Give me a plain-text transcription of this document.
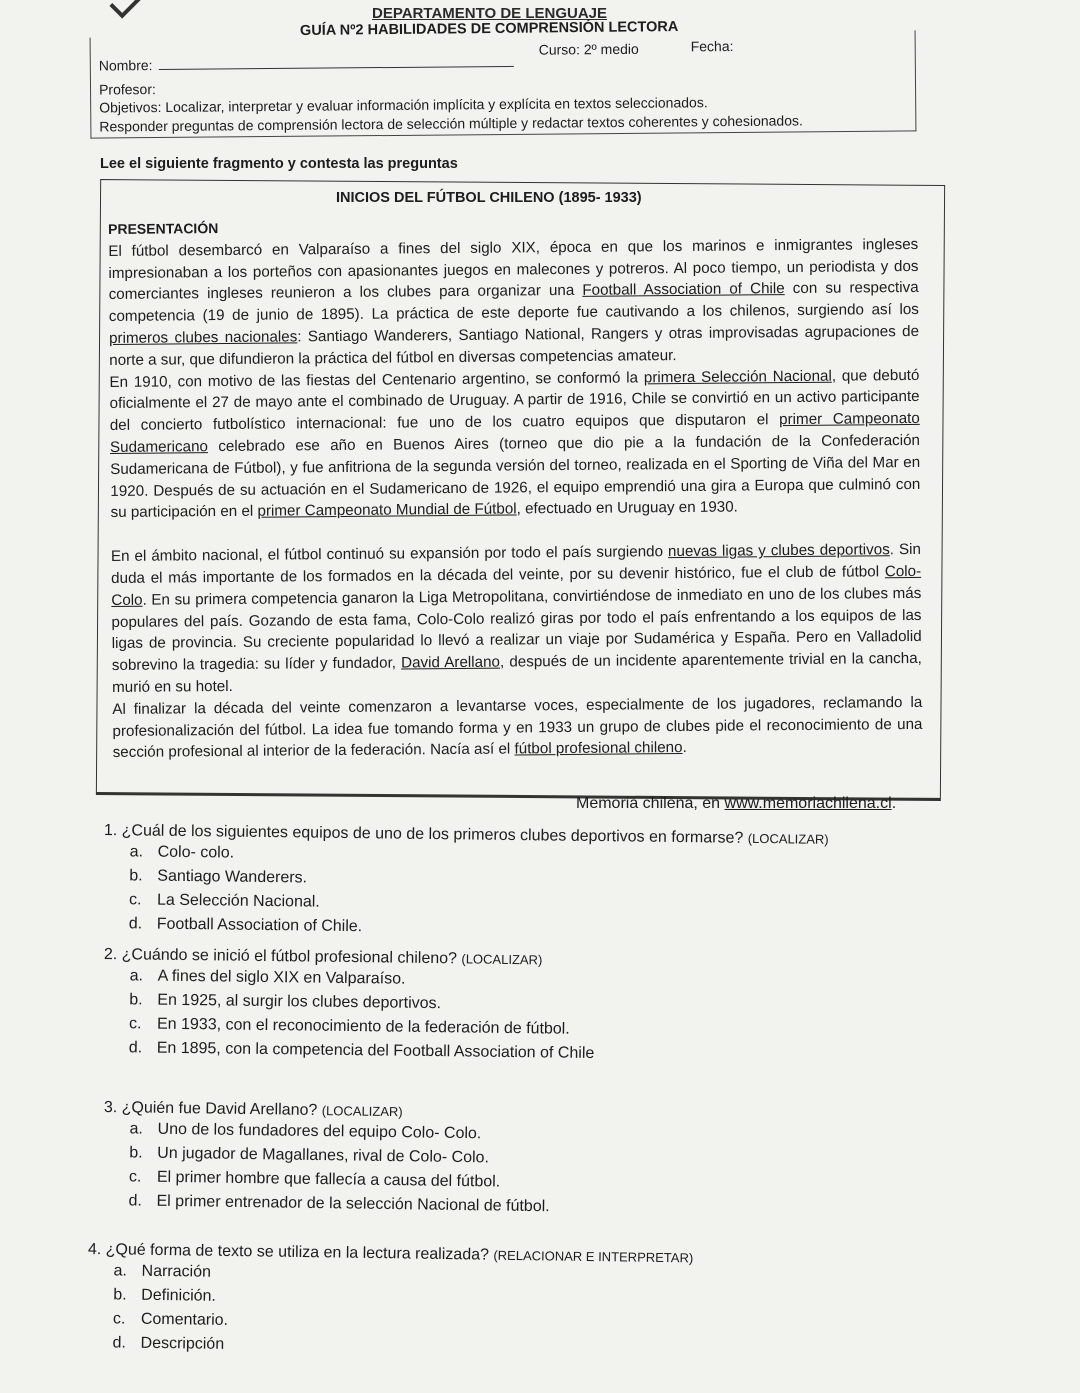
DEPARTAMENTO DE LENGUAJE
GUÍA Nº2 HABILIDADES DE COMPRENSIÓN LECTORA
Nombre:
Curso: 2º medio	Fecha:
Profesor:
Objetivos: Localizar, interpretar y evaluar información implícita y explícita en textos seleccionados.
Responder preguntas de comprensión lectora de selección múltiple y redactar textos coherentes y cohesionados.
Lee el siguiente fragmento y contesta las preguntas
INICIOS DEL FÚTBOL CHILENO (1895- 1933)
PRESENTACIÓN

El fútbol desembarcó en Valparaíso a fines del siglo XIX, época en que los marinos e inmigrantes ingleses impresionaban a los porteños con apasionantes juegos en malecones y potreros. Al poco tiempo, un periodista y dos comerciantes ingleses reunieron a los clubes para organizar una Football Association of Chile con su respectiva competencia (19 de junio de 1895). La práctica de este deporte fue cautivando a los chilenos, surgiendo así los primeros clubes nacionales: Santiago Wanderers, Santiago National, Rangers y otras improvisadas agrupaciones de norte a sur, que difundieron la práctica del fútbol en diversas competencias amateur.

En 1910, con motivo de las fiestas del Centenario argentino, se conformó la primera Selección Nacional, que debutó oficialmente el 27 de mayo ante el combinado de Uruguay. A partir de 1916, Chile se convirtió en un activo participante del concierto futbolístico internacional: fue uno de los cuatro equipos que disputaron el primer Campeonato Sudamericano celebrado ese año en Buenos Aires (torneo que dio pie a la fundación de la Confederación Sudamericana de Fútbol), y fue anfitriona de la segunda versión del torneo, realizada en el Sporting de Viña del Mar en 1920. Después de su actuación en el Sudamericano de 1926, el equipo emprendió una gira a Europa que culminó con su participación en el primer Campeonato Mundial de Fútbol, efectuado en Uruguay en 1930.

En el ámbito nacional, el fútbol continuó su expansión por todo el país surgiendo nuevas ligas y clubes deportivos. Sin duda el más importante de los formados en la década del veinte, por su devenir histórico, fue el club de fútbol Colo-Colo. En su primera competencia ganaron la Liga Metropolitana, convirtiéndose de inmediato en uno de los clubes más populares del país. Gozando de esta fama, Colo-Colo realizó giras por todo el país enfrentando a los equipos de las ligas de provincia. Su creciente popularidad lo llevó a realizar un viaje por Sudamérica y España. Pero en Valladolid sobrevino la tragedia: su líder y fundador, David Arellano, después de un incidente aparentemente trivial en la cancha, murió en su hotel.

Al finalizar la década del veinte comenzaron a levantarse voces, especialmente de los jugadores, reclamando la profesionalización del fútbol. La idea fue tomando forma y en 1933 un grupo de clubes pide el reconocimiento de una sección profesional al interior de la federación. Nacía así el fútbol profesional chileno.

Memoria chilena, en www.memoriachilena.cl.
1. ¿Cuál de los siguientes equipos de uno de los primeros clubes deportivos en formarse? (LOCALIZAR)
a. Colo- colo.
b. Santiago Wanderers.
c. La Selección Nacional.
d. Football Association of Chile.
2. ¿Cuándo se inició el fútbol profesional chileno? (LOCALIZAR)
a. A fines del siglo XIX en Valparaíso.
b. En 1925, al surgir los clubes deportivos.
c. En 1933, con el reconocimiento de la federación de fútbol.
d. En 1895, con la competencia del Football Association of Chile
3. ¿Quién fue David Arellano? (LOCALIZAR)
a. Uno de los fundadores del equipo Colo- Colo.
b. Un jugador de Magallanes, rival de Colo- Colo.
c. El primer hombre que fallecía a causa del fútbol.
d. El primer entrenador de la selección Nacional de fútbol.
4. ¿Qué forma de texto se utiliza en la lectura realizada? (RELACIONAR E INTERPRETAR)
a. Narración
b. Definición.
c. Comentario.
d. Descripción
